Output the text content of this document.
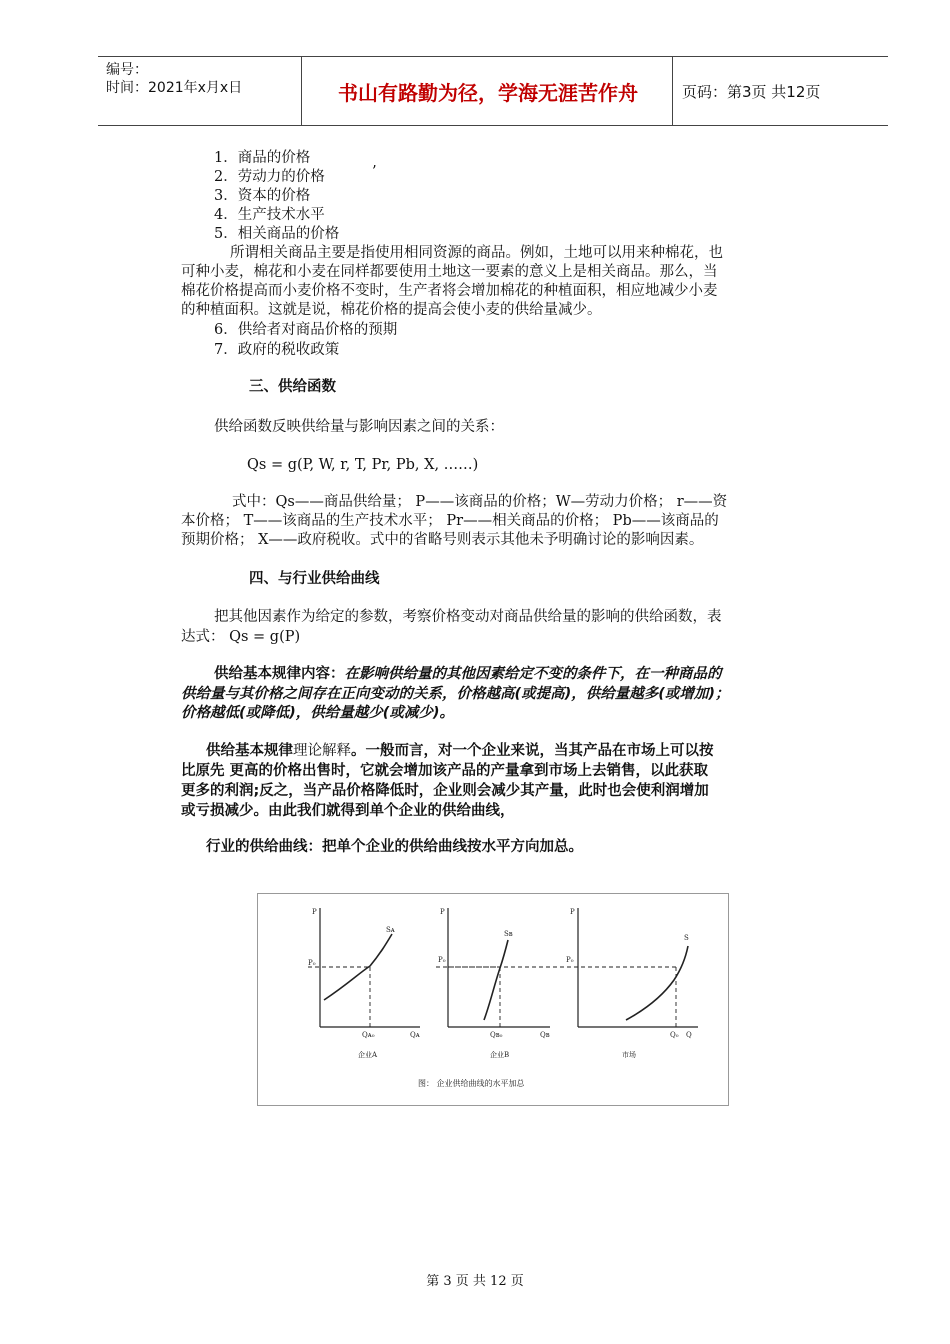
编号：
时间：2021年x月x日	书山有路勤为径，学海无涯苦作舟	页码：第3页 共12页
1．商品的价格
2．劳动力的价格	’
3．资本的价格
4．生产技术水平
5．相关商品的价格
所谓相关商品主要是指使用相同资源的商品。例如，土地可以用来种棉花，也
可种小麦，棉花和小麦在同样都要使用土地这一要素的意义上是相关商品。那么，当
棉花价格提高而小麦价格不变时，生产者将会增加棉花的种植面积，相应地减少小麦
的种植面积。这就是说，棉花价格的提高会使小麦的供给量减少。
6．供给者对商品价格的预期
7．政府的税收政策
三、供给函数
供给函数反映供给量与影响因素之间的关系：
Qs = g(P, W, r, T, Pr, Pb, X, ……)
式中：Qs——商品供给量； P——该商品的价格；W—劳动力价格； r——资
本价格； T——该商品的生产技术水平； Pr——相关商品的价格； Pb——该商品的
预期价格； X——政府税收。式中的省略号则表示其他未予明确讨论的影响因素。
四、与行业供给曲线
把其他因素作为给定的参数，考察价格变动对商品供给量的影响的供给函数，表
达式： Qs = g(P)
供给基本规律内容：在影响供给量的其他因素给定不变的条件下，在一种商品的
供给量与其价格之间存在正向变动的关系，价格越高(或提高)，供给量越多(或增加)；
价格越低(或降低)，供给量越少(或减少)。
供给基本规律理论解释。一般而言，对一个企业来说，当其产品在市场上可以按
比原先 更高的价格出售时，它就会增加该产品的产量拿到市场上去销售，以此获取
更多的利润;反之，当产品价格降低时，企业则会减少其产量，此时也会使利润增加
或亏损减少。由此我们就得到单个企业的供给曲线，
行业的供给曲线：把单个企业的供给曲线按水平方向加总。
P
P₀
Sᴀ
Qᴀ₀	Qᴀ
企业A
P
P₀
Sʙ
Qʙ₀	Qʙ
企业B
P
P₀
S
Q₀ Q
市场
图： 企业供给曲线的水平加总
第 3 页 共 12 页
